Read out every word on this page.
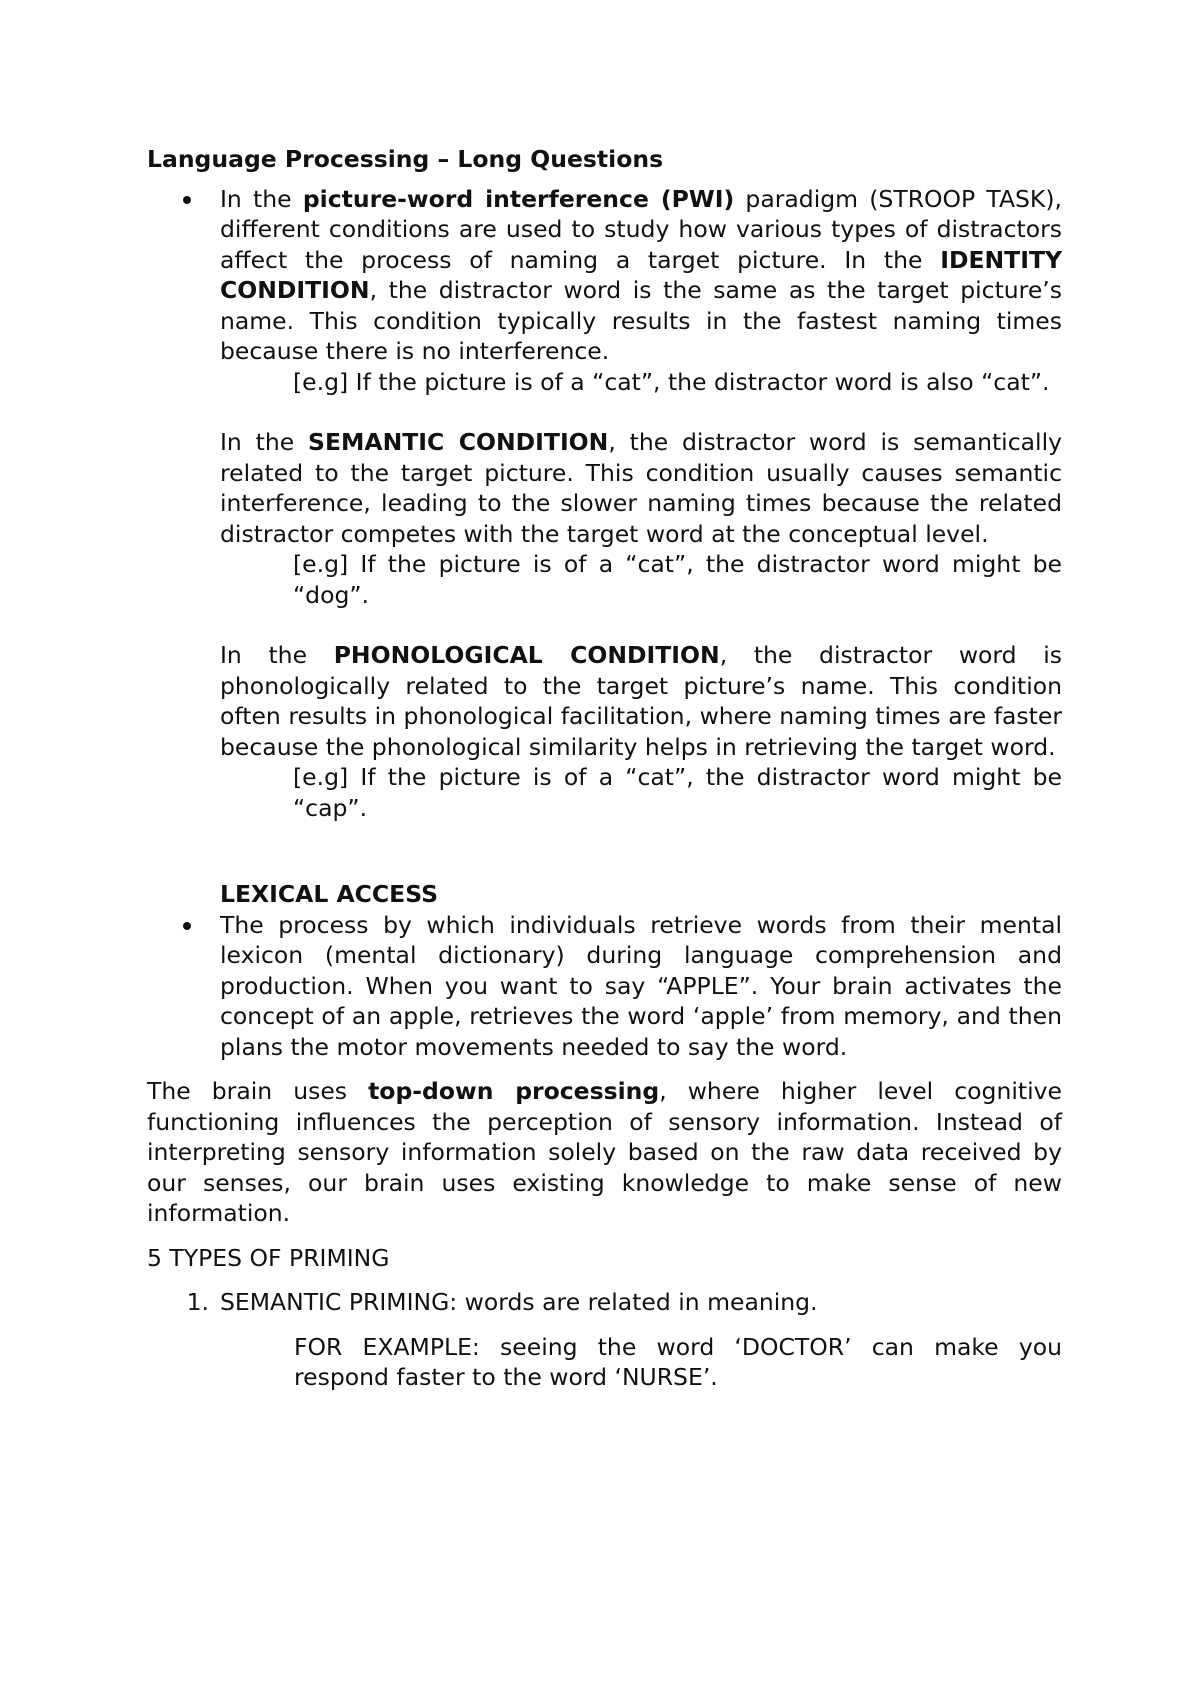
Language Processing – Long Questions
In the picture-word interference (PWI) paradigm (STROOP TASK), different conditions are used to study how various types of distractors affect the process of naming a target picture. In the IDENTITY CONDITION, the distractor word is the same as the target picture’s name. This condition typically results in the fastest naming times because there is no interference.
[e.g] If the picture is of a “cat”, the distractor word is also “cat”.
In the SEMANTIC CONDITION, the distractor word is semantically related to the target picture. This condition usually causes semantic interference, leading to the slower naming times because the related distractor competes with the target word at the conceptual level.
[e.g] If the picture is of a “cat”, the distractor word might be “dog”.
In the PHONOLOGICAL CONDITION, the distractor word is phonologically related to the target picture’s name. This condition often results in phonological facilitation, where naming times are faster because the phonological similarity helps in retrieving the target word.
[e.g] If the picture is of a “cat”, the distractor word might be “cap”.
LEXICAL ACCESS
The process by which individuals retrieve words from their mental lexicon (mental dictionary) during language comprehension and production. When you want to say “APPLE”. Your brain activates the concept of an apple, retrieves the word ‘apple’ from memory, and then plans the motor movements needed to say the word.
The brain uses top-down processing, where higher level cognitive functioning influences the perception of sensory information. Instead of interpreting sensory information solely based on the raw data received by our senses, our brain uses existing knowledge to make sense of new information.
5 TYPES OF PRIMING
1. SEMANTIC PRIMING: words are related in meaning.
FOR EXAMPLE: seeing the word ‘DOCTOR’ can make you respond faster to the word ‘NURSE’.
